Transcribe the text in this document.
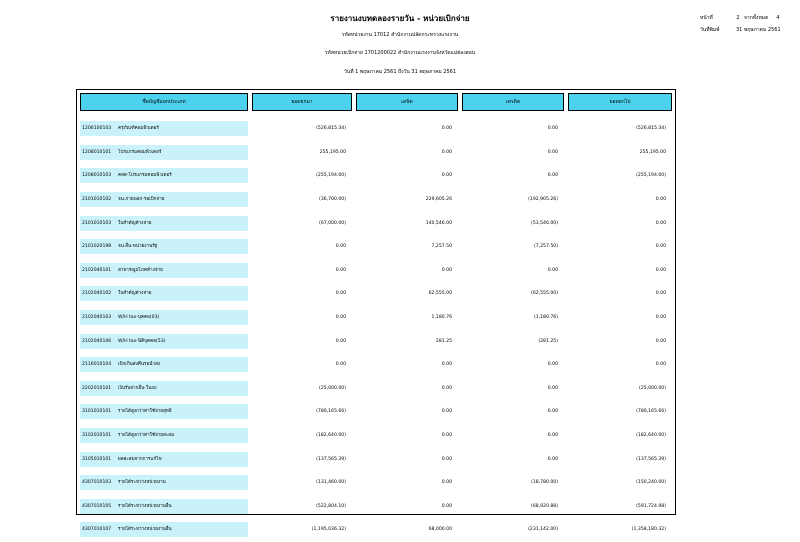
รายงานงบทดลองรายวัน - หน่วยเบิกจ่าย
รหัสหน่วยงาน 17012 สำนักงานปลัดกระทรวงแรงงาน
รหัสหน่วยเบิกจ่าย 1701200022 สำนักงานแรงงานจังหวัดแม่ฮ่องสอน
วันที่ 1 พฤษภาคม 2561 ถึงวัน 31 พฤษภาคม 2561
หน้าที่	2 จากทั้งหมด	4
วันที่พิมพ์	31 พฤษภาคม 2561
ชื่อบัญชีแยกประเภท	ยอดยกมา	เดบิต	เครดิต	ยอดยกไป
1206100103	ครุภัณฑ์คอมพิวเตอร์	(526,815.34)	0.00	0.00	(526,815.34)
1208010101	โปรแกรมคอมพิวเตอร์	255,195.00	0.00	0.00	255,195.00
1208010103	คสส-โปรแกรมคอมพิวเตอร์	(255,194.00)	0.00	0.00	(255,194.00)
2101010102	จน.ภายนอก-รอเบิกจ่าย	(36,700.00)	229,605.26	(192,905.26)	0.00
2101010103	ใบสำคัญค้างจ่าย	(67,000.00)	140,546.00	(53,546.00)	0.00
2101020198	จน.อื่น-หน่วยงานรัฐ	0.00	7,257.50	(7,257.50)	0.00
2102040101	สาธารณูปโภคค้างจ่าย	0.00	0.00	0.00	0.00
2102040102	ใบสำคัญค้างจ่าย	0.00	62,555.00	(62,555.00)	0.00
2102040103	W/H tax-บุคคล(03)	0.00	1,180.76	(1,180.76)	0.00
2102040106	W/H tax-นิติบุคคล(53)	0.00	281.25	(281.25)	0.00
2116010104	เบิกเกินส่งคืนรอนำส่ง	0.00	0.00	0.00	0.00
2202010101	เงินรับฝากอื่น-ในงบ	(25,000.00)	0.00	0.00	(25,000.00)
3101010101	รายได้สูงกว่าค่าใช้จ่ายสุทธิ	(780,165.66)	0.00	0.00	(780,165.66)
3102010101	รายได้สูงกว่าค่าใช้จ่ายสะสม	(182,640.00)	0.00	0.00	(182,640.00)
3105010101	ผลสะสมจากการแก้ไข	(137,565.39)	0.00	0.00	(137,565.39)
4307010103	รายได้ระหว่างหน่วยงาน	(131,460.00)	0.00	(18,780.00)	(150,240.00)
4307010105	รายได้ระหว่างหน่วยงานอื่น	(522,804.10)	0.00	(68,920.88)	(591,724.98)
4307010107	รายได้ระหว่างหน่วยงานอื่น	(1,195,036.32)	68,000.00	(231,142.00)	(1,358,180.32)
